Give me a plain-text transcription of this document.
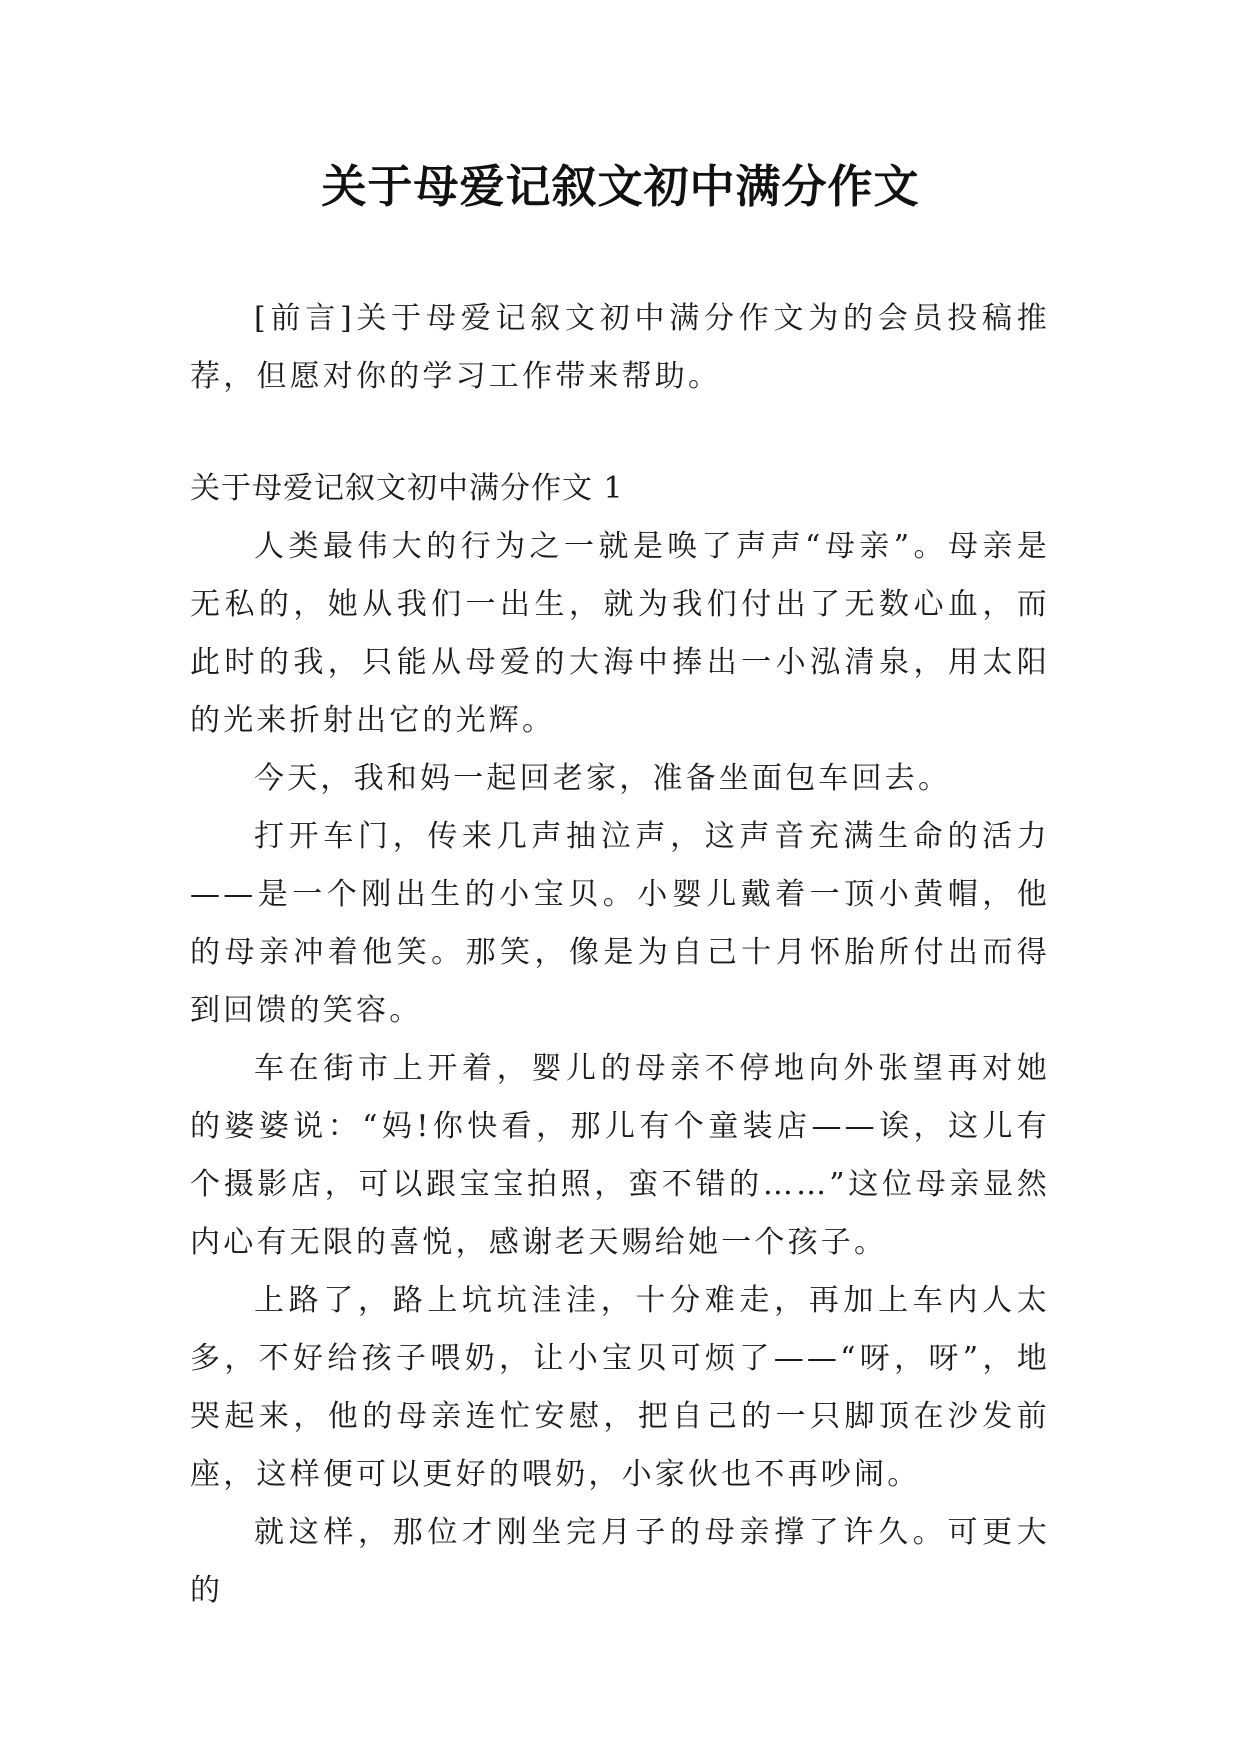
关于母爱记叙文初中满分作文

[前言]关于母爱记叙文初中满分作文为的会员投稿推荐，但愿对你的学习工作带来帮助。

关于母爱记叙文初中满分作文 1

人类最伟大的行为之一就是唤了声声“母亲”。母亲是无私的，她从我们一出生，就为我们付出了无数心血，而此时的我，只能从母爱的大海中捧出一小泓清泉，用太阳的光来折射出它的光辉。

今天，我和妈一起回老家，准备坐面包车回去。

打开车门，传来几声抽泣声，这声音充满生命的活力——是一个刚出生的小宝贝。小婴儿戴着一顶小黄帽，他的母亲冲着他笑。那笑，像是为自己十月怀胎所付出而得到回馈的笑容。

车在街市上开着，婴儿的母亲不停地向外张望再对她的婆婆说：“妈!你快看，那儿有个童装店——诶，这儿有个摄影店，可以跟宝宝拍照，蛮不错的……”这位母亲显然内心有无限的喜悦，感谢老天赐给她一个孩子。

上路了，路上坑坑洼洼，十分难走，再加上车内人太多，不好给孩子喂奶，让小宝贝可烦了——“呀，呀”，地哭起来，他的母亲连忙安慰，把自己的一只脚顶在沙发前座，这样便可以更好的喂奶，小家伙也不再吵闹。

就这样，那位才刚坐完月子的母亲撑了许久。可更大的
